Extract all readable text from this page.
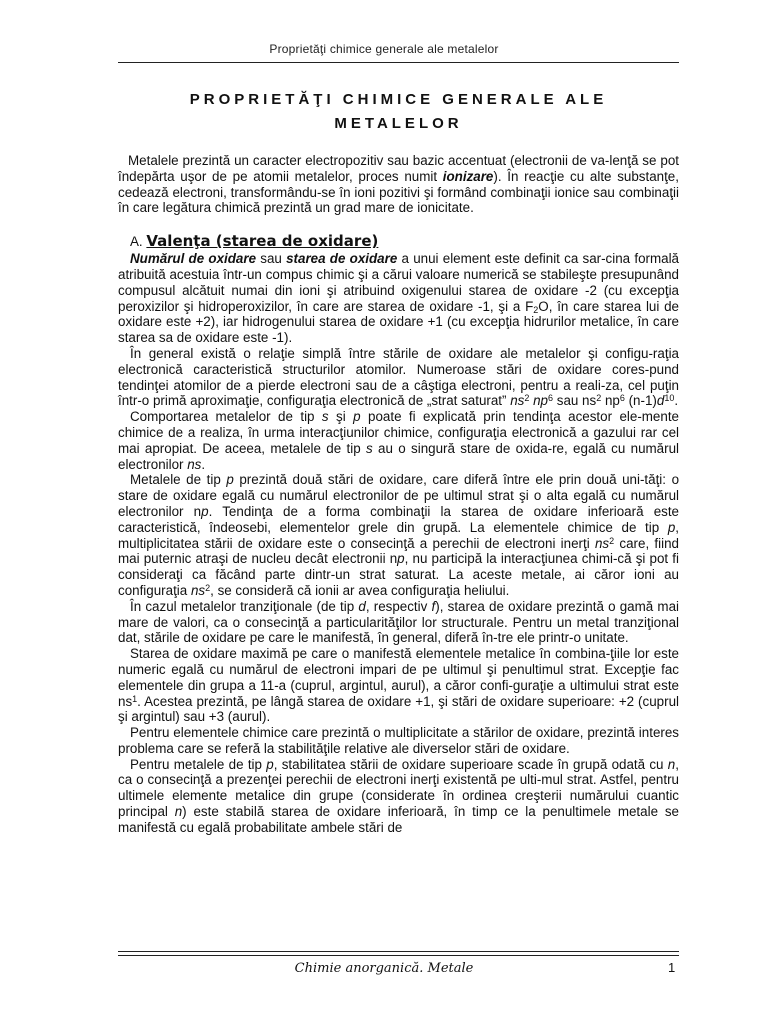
Proprietăţi chimice generale ale metalelor
PROPRIETĂŢI CHIMICE GENERALE ALE
METALELOR

Metalele prezintă un caracter electropozitiv sau bazic accentuat (electronii de va-lenţă se pot îndepărta uşor de pe atomii metalelor, proces numit ionizare). În reacţie cu alte substanţe, cedează electroni, transformându-se în ioni pozitivi şi formând combinaţii ionice sau combinaţii în care legătura chimică prezintă un grad mare de ionicitate.

A. Valenţa (starea de oxidare)

Numărul de oxidare sau starea de oxidare a unui element este definit ca sar-cina formală atribuită acestuia într-un compus chimic şi a cărui valoare numerică se stabileşte presupunând compusul alcătuit numai din ioni şi atribuind oxigenului starea de oxidare -2 (cu excepţia peroxizilor şi hidroperoxizilor, în care are starea de oxidare -1, şi a $F_2O$, în care starea lui de oxidare este +2), iar hidrogenului starea de oxidare +1 (cu excepţia hidrurilor metalice, în care starea sa de oxidare este -1).

În general există o relaţie simplă între stările de oxidare ale metalelor şi configu-raţia electronică caracteristică structurilor atomilor. Numeroase stări de oxidare cores-pund tendinţei atomilor de a pierde electroni sau de a câştiga electroni, pentru a reali-za, cel puţin într-o primă aproximaţie, configuraţia electronică de „strat saturat” $ns^2$ $np^6$ sau $ns^2$ $np^6$ $(n-1)d^{10}$.

Comportarea metalelor de tip s şi p poate fi explicată prin tendinţa acestor ele-mente chimice de a realiza, în urma interacţiunilor chimice, configuraţia electronică a gazului rar cel mai apropiat. De aceea, metalele de tip s au o singură stare de oxida-re, egală cu numărul electronilor ns.

Metalele de tip p prezintă două stări de oxidare, care diferă între ele prin două uni-tăţi: o stare de oxidare egală cu numărul electronilor de pe ultimul strat şi o alta egală cu numărul electronilor np. Tendinţa de a forma combinaţii la starea de oxidare inferioară este caracteristică, îndeosebi, elementelor grele din grupă. La elementele chimice de tip p, multiplicitatea stării de oxidare este o consecinţă a perechii de electroni inerţi $ns^2$ care, fiind mai puternic atraşi de nucleu decât electronii np, nu participă la interacţiunea chimi-că şi pot fi consideraţi ca făcând parte dintr-un strat saturat. La aceste metale, ai căror ioni au configuraţia $ns^2$, se consideră că ionii ar avea configuraţia heliului.

În cazul metalelor tranziţionale (de tip d, respectiv f), starea de oxidare prezintă o gamă mai mare de valori, ca o consecinţă a particularităţilor lor structurale. Pentru un metal tranziţional dat, stările de oxidare pe care le manifestă, în general, diferă în-tre ele printr-o unitate.

Starea de oxidare maximă pe care o manifestă elementele metalice în combina-ţiile lor este numeric egală cu numărul de electroni impari de pe ultimul şi penultimul strat. Excepţie fac elementele din grupa a 11-a (cuprul, argintul, aurul), a căror confi-guraţie a ultimului strat este $ns^1$. Acestea prezintă, pe lângă starea de oxidare +1, şi stări de oxidare superioare: +2 (cuprul şi argintul) sau +3 (aurul).

Pentru elementele chimice care prezintă o multiplicitate a stărilor de oxidare, prezintă interes problema care se referă la stabilităţile relative ale diverselor stări de oxidare.

Pentru metalele de tip p, stabilitatea stării de oxidare superioare scade în grupă odată cu n, ca o consecinţă a prezenţei perechii de electroni inerţi existentă pe ulti-mul strat. Astfel, pentru ultimele elemente metalice din grupe (considerate în ordinea creşterii numărului cuantic principal n) este stabilă starea de oxidare inferioară, în timp ce la penultimele metale se manifestă cu egală probabilitate ambele stări de

Chimie anorganică. Metale	1
